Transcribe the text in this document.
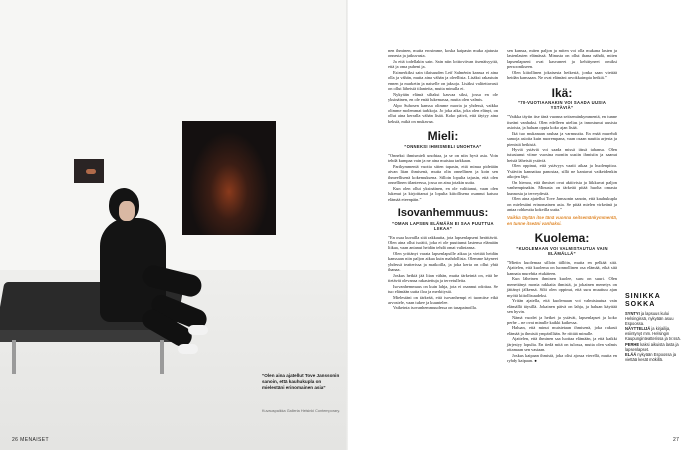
”Olen aina ajatellut Tove Janssonin sanoin, että kauhukupla on mielestäni erinomainen asia”
Kuvauspaikka Galleria Helsinki Contemporary.
26 MENAISET	27

nen ihminen, mutta erosimme, koska kaipasin muka ajatusta onnesta ja jatkuvasta.

Ja että todellakin sain. Sain niin lotttoviivan itsenäisyyttä, että ja oma puheni ja.

Esimerkiksi sain tilaisuuden Leif Salménin kanssa ei aina olla ja vähän, mutta aina vähän ja oleellista. Lisäksi rakastuin ennen ja marketin ja naiselle on jaksoja. Lisäksi valitettavasti on ollut läheisiä tilanteita, mutta minulla ei.

Nykyään elämä siltaksi kasvaa siksi, jossa en ole yksinäinen, en ole enää lukemassa, mutta olen valmis.

Alpo Suhosen kanssa olimme nuoria ja yhdessä, vaikka olimme molemmat tarkkoja. Jo joka aika, joka olen elänyt, on ollut aina kerralla vähän lisää. Koko päivä, että täytyy aina keksiä, mikä on mukavaa.

Mieli:
”ONNEKSI IHMISMIELI UNOHTAA”

”Onneksi ihmismieli unohtaa, ja se on niin hyvä asia. Voin tehdä kumpaa vain ja ne aina muistaa tarkkaan.

Parikymmentä vuotta sitten tapasin, että minua pidetään aivan liian ihmisenä, mutta olin onnellinen ja koin sen ihmeellisenä kokemuksena. Silloin lopulta tajusin, että olen onnellinen tilanteessa, jossa on aina jotakin uutta.

Kun olen ollut yksinäinen, en ole valittanut, vaan olen lukenut ja kirjoittanut ja lopulta kiitollisena osannut katsoa elämää eteenpäin.”

Isovanhemmuus:
”OMAN LAPSEN ELÄMÄÄN EI SAA PUUTTUA LIIKAA”

”En osaa kuvailla sitä rakkautta, jota lapsenlapseni herättävät. Olen aina ollut isoäiti, joka ei ole puuttunut lastensa elämään liikaa, vaan antanut heidän tehdä omat valintansa.

Olen yrittänyt varata lapsenlapsille aikaa ja viettää heidän kanssaan niin paljon aikaa kuin mahdollista. Olemme käyneet yhdessä teatterissa ja matkoilla, ja joka kerta on ollut yhtä ihanaa.

Joskus hetkiä jää liian vähän, mutta tärkeintä on, että he tietävät olevansa rakastettuja ja tervetulleita.

Isovanhemmuus on kuin lahja, jota ei osannut odottaa. Se tuo elämään uutta iloa ja merkitystä.

Mielestäni on tärkeää, että isovanhempi ei tuomitse eikä arvostele, vaan tukee ja kuuntelee.

Vaikeinta isovanhemmuudessa on tasapainoilla.

sen kanssa, miten paljon ja miten voi olla mukana lasten ja lastenlasten elämässä. Minusta on ollut ihana nähdä, miten lapsenlapseni ovat kasvaneet ja kehittyneet omiksi persoonikseen.

Olen kiitollinen jokaisesta hetkestä, jonka saan viettää heidän kanssaan. Ne ovat elämäni arvokkaimpia hetkiä.”

Ikä:
”70-VUOTIAANAKIN VOI SAADA UUSIA YSTÄVIÄ”

”Vaikka täytin itse tänä vuonna seitsemänkymmentä, en tunne itseäni vanhaksi. Olen edelleen utelias ja innostunut uusista asioista, ja haluan oppia koko ajan lisää.

Ikä tuo mukanaan rauhaa ja varmuutta. En enää murehdi samoja asioita kuin nuorempana, vaan osaan nauttia arjesta ja pienistä hetkistä.

Hyviä ystäviä voi saada missä iässä tahansa. Olen tutustunut viime vuosina moniin uusiin ihmisiin ja saanut heistä läheisiä ystäviä.

Olen oppinut, että ystävyys vaatii aikaa ja huolenpitoa. Ystäviin kannattaa panostaa, sillä ne kantavat vaikeidenkin aikojen läpi.

On hienoa, että ihmiset ovat aktiivisia ja liikkuvat paljon vanhempinakin. Minusta on tärkeää pitää huolta omasta kunnosta ja terveydestä.

Olen aina ajatellut Tove Janssonin sanoin, että kauhukupla on mielestäni erinomainen asia. Se pitää mielen virkeänä ja antaa rohkeutta kokeilla uutta.”

Vaikka täytän itse tänä vuonna seitsemänkymmentä, en tunne itseäni vanhaksi.
Kuolema:
”KUOLEMAAN VOI VALMISTAUTUA VAIN ELÄMÄLLÄ”

”Mietin kuolemaa silloin tällöin, mutta en pelkää sitä. Ajattelen, että kuolema on luonnollinen osa elämää, eikä sitä kannata murehtia etukäteen.

Kun läheinen ihminen kuolee, suru on suuri. Olen menettänyt monia rakkaita ihmisiä, ja jokainen menetys on jättänyt jälkensä. Silti olen oppinut, että suru muuttuu ajan myötä kiitollisuudeksi.

Yritän ajatella, että kuolemaan voi valmistautua vain elämällä täysillä. Jokainen päivä on lahja, ja haluan käyttää sen hyvin.

Nämä vuodet ja hetket ja ystävät, lapsenlapset ja koko perhe – ne ovat minulle kaikki kaikessa.

Haluan, että minut muistetaan ihmisenä, joka rakasti elämää ja ihmisiä ympärillään. Se riittää minulle.

Ajattelen, että ihminen saa luottaa elämään, ja että kaikki järjestyy lopulta. En tiedä mitä on tulossa, mutta olen valmis ottamaan sen vastaan.

Joskus kaipaan ihmistä, joka olisi ajossa vierellä, mutta en ryhdy kaipaan. ●

SINIKKA SOKKA
SYNTYI ja lapsuus kului Helsingissä, nykyään asuu Espoossa.
NÄYTTELIJÄ ja kirjailija, esiintynyt mm. Helsingin Kaupunginteatterissa ja tv:ssä.
PERHE kaksi aikuista lasta ja lapsenlapset.
ELÄÄ nykyään Espoossa ja viettää kesät mökillä.
